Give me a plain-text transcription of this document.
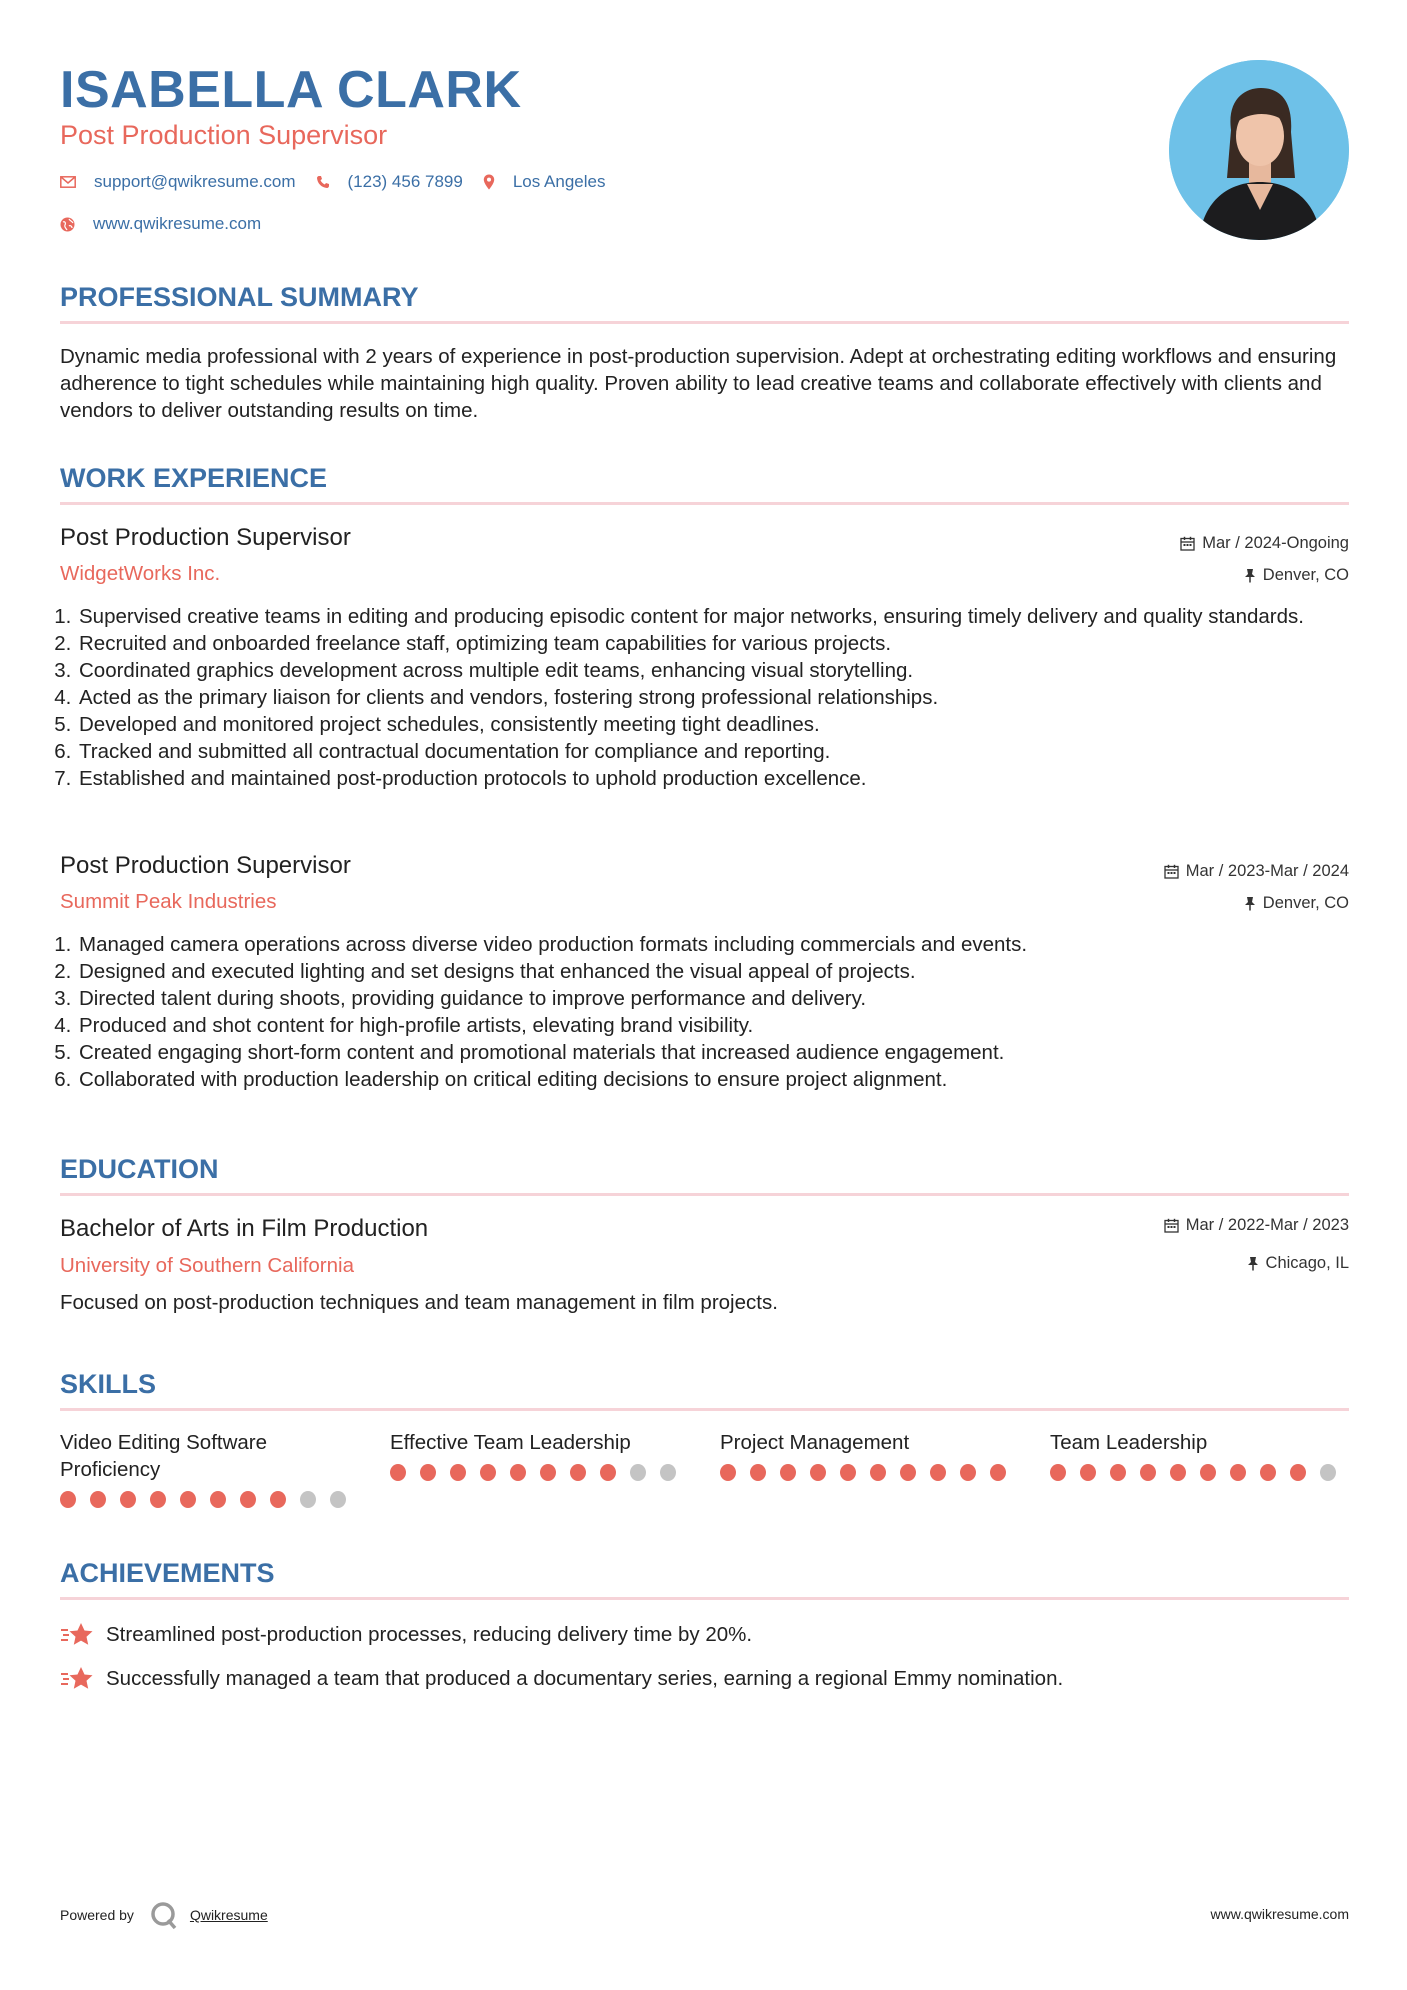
ISABELLA CLARK
Post Production Supervisor
support@qwikresume.com	(123) 456 7899	Los Angeles
www.qwikresume.com
PROFESSIONAL SUMMARY
Dynamic media professional with 2 years of experience in post-production supervision. Adept at orchestrating editing workflows and ensuring adherence to tight schedules while maintaining high quality. Proven ability to lead creative teams and collaborate effectively with clients and vendors to deliver outstanding results on time.
WORK EXPERIENCE
Post Production Supervisor	Mar / 2024-Ongoing
WidgetWorks Inc.	Denver, CO
1. Supervised creative teams in editing and producing episodic content for major networks, ensuring timely delivery and quality standards.
2. Recruited and onboarded freelance staff, optimizing team capabilities for various projects.
3. Coordinated graphics development across multiple edit teams, enhancing visual storytelling.
4. Acted as the primary liaison for clients and vendors, fostering strong professional relationships.
5. Developed and monitored project schedules, consistently meeting tight deadlines.
6. Tracked and submitted all contractual documentation for compliance and reporting.
7. Established and maintained post-production protocols to uphold production excellence.
Post Production Supervisor	Mar / 2023-Mar / 2024
Summit Peak Industries	Denver, CO
1. Managed camera operations across diverse video production formats including commercials and events.
2. Designed and executed lighting and set designs that enhanced the visual appeal of projects.
3. Directed talent during shoots, providing guidance to improve performance and delivery.
4. Produced and shot content for high-profile artists, elevating brand visibility.
5. Created engaging short-form content and promotional materials that increased audience engagement.
6. Collaborated with production leadership on critical editing decisions to ensure project alignment.
EDUCATION
Bachelor of Arts in Film Production	Mar / 2022-Mar / 2023
University of Southern California	Chicago, IL
Focused on post-production techniques and team management in film projects.
SKILLS
Video Editing Software Proficiency
Effective Team Leadership	Project Management	Team Leadership
ACHIEVEMENTS
Streamlined post-production processes, reducing delivery time by 20%.
Successfully managed a team that produced a documentary series, earning a regional Emmy nomination.
Powered by	Qwikresume	www.qwikresume.com
